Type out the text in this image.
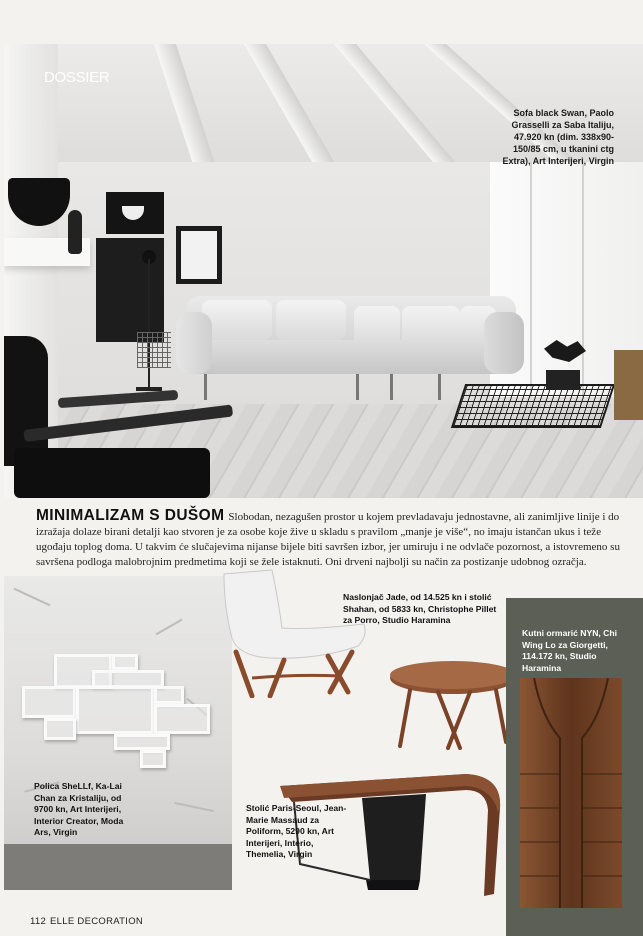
DOSSIER
Sofa black Swan, Paolo Grasselli za Saba Italiju, 47.920 kn (dim. 338x90-150/85 cm, u tkanini ctg Extra), Art Interijeri, Virgin
MINIMALIZAM S DUŠOM Slobodan, nezagušen prostor u kojem prevladavaju jednostavne, ali zanimljive linije i do izražaja dolaze birani detalji kao stvoren je za osobe koje žive u skladu s pravilom „manje je više“, no imaju istančan ukus i teže ugođaju toplog doma. U takvim će slučajevima nijanse bijele biti savršen izbor, jer umiruju i ne odvlače pozornost, a istovremeno su savršena podloga malobrojnim predmetima koji se žele istaknuti. Oni drveni najbolji su način za postizanje udobnog ozračja.
Polica SheLLf, Ka-Lai Chan za Kristaliju, od 9700 kn, Art Interijeri, Interior Creator, Moda Ars, Virgin
Naslonjač Jade, od 14.525 kn i stolić Shahan, od 5833 kn, Christophe Pillet za Porro, Studio Haramina
Kutni ormarić NYN, Chi Wing Lo za Giorgetti, 114.172 kn, Studio Haramina
Stolić Paris-Seoul, Jean-Marie Massaud za Poliform, 5290 kn, Art Interijeri, Interio, Themelia, Virgin
112 ELLE DECORATION
